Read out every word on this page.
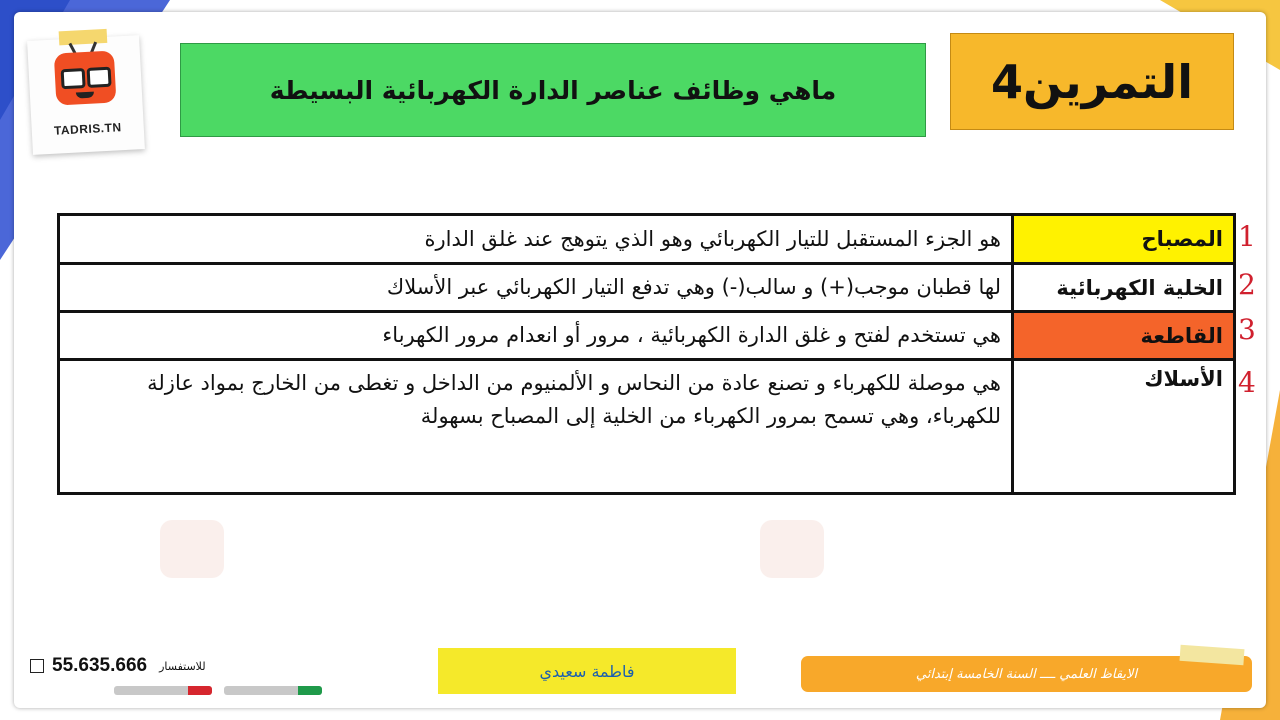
TADRIS.TN
ماهي وظائف عناصر الدارة الكهربائية البسيطة	التمرين4
المصباح	هو الجزء المستقبل للتيار الكهربائي وهو الذي يتوهج عند غلق الدارة
الخلية الكهربائية	لها قطبان موجب(+) و سالب(-) وهي تدفع التيار الكهربائي عبر الأسلاك
القاطعة	هي تستخدم لفتح و غلق الدارة الكهربائية ، مرور أو انعدام مرور الكهرباء
الأسلاك	هي موصلة للكهرباء و تصنع عادة من النحاس و الألمنيوم من الداخل و تغطى من الخارج بمواد عازلة للكهرباء، وهي تسمح بمرور الكهرباء من الخلية إلى المصباح بسهولة
1
2
3
4
55.635.666 للاستفسار	فاطمة سعيدي	الايقاظ العلمي ــــ السنة الخامسة إبتدائي
